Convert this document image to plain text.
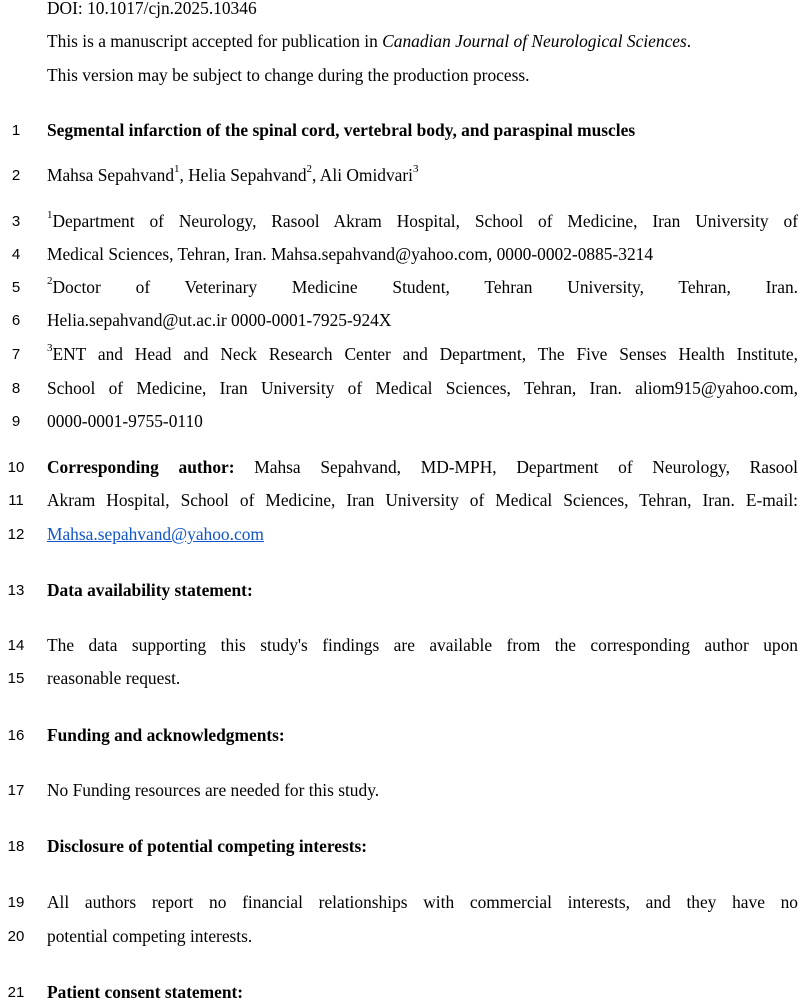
DOI: 10.1017/cjn.2025.10346
This is a manuscript accepted for publication in Canadian Journal of Neurological Sciences.
This version may be subject to change during the production process.
1
2
3
4
5
6
7
8
9
10
11
12
13
14
15
16
17
18
19
20
21
Segmental infarction of the spinal cord, vertebral body, and paraspinal muscles
Mahsa Sepahvand$^1$, Helia Sepahvand$^2$, Ali Omidvari$^3$
$^1$Department of Neurology, Rasool Akram Hospital, School of Medicine, Iran University of
Medical Sciences, Tehran, Iran. Mahsa.sepahvand@yahoo.com, 0000-0002-0885-3214
$^2$Doctor of Veterinary Medicine Student, Tehran University, Tehran, Iran.
Helia.sepahvand@ut.ac.ir 0000-0001-7925-924X
$^3$ENT and Head and Neck Research Center and Department, The Five Senses Health Institute,
School of Medicine, Iran University of Medical Sciences, Tehran, Iran. aliom915@yahoo.com,
0000-0001-9755-0110
Corresponding author: Mahsa Sepahvand, MD-MPH, Department of Neurology, Rasool
Akram Hospital, School of Medicine, Iran University of Medical Sciences, Tehran, Iran. E-mail:
Mahsa.sepahvand@yahoo.com
Data availability statement:
The data supporting this study's findings are available from the corresponding author upon
reasonable request.
Funding and acknowledgments:
No Funding resources are needed for this study.
Disclosure of potential competing interests:
All authors report no financial relationships with commercial interests, and they have no
potential competing interests.
Patient consent statement:
